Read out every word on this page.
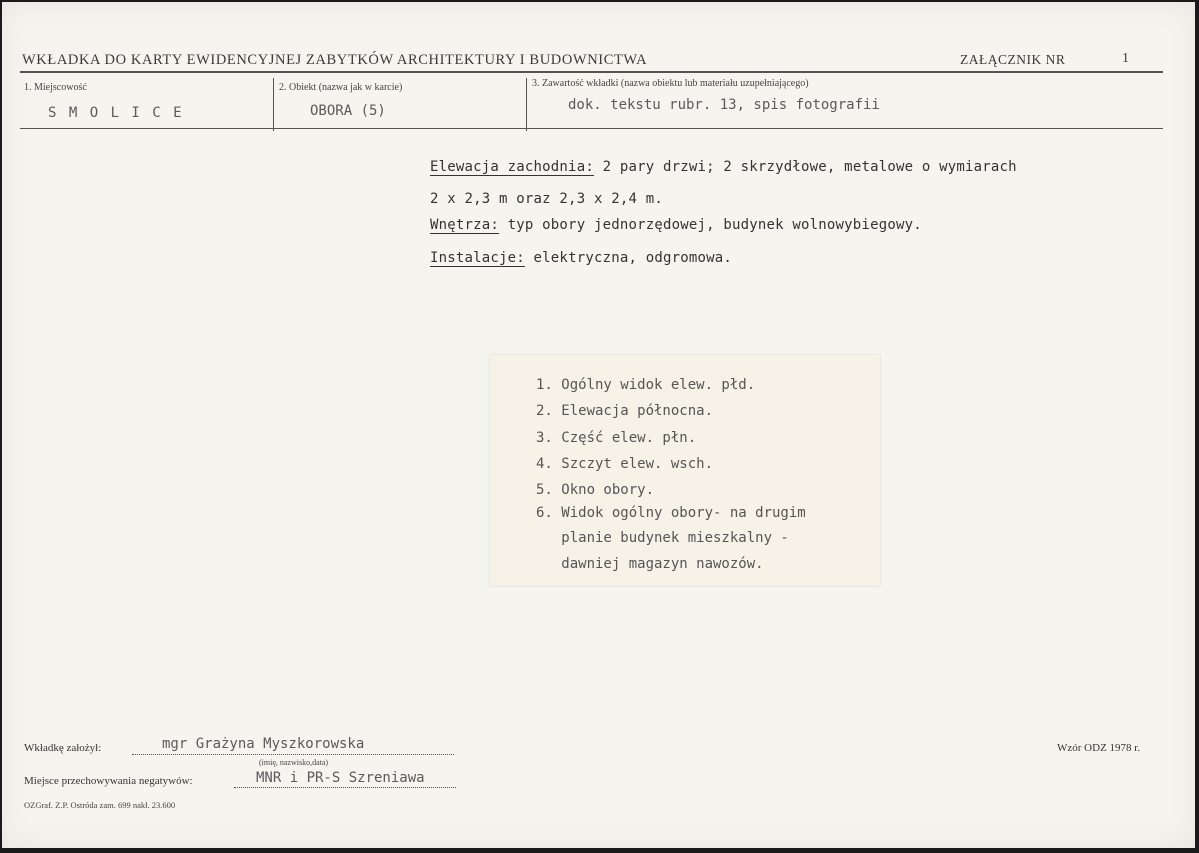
WKŁADKA DO KARTY EWIDENCYJNEJ ZABYTKÓW ARCHITEKTURY I BUDOWNICTWA	ZAŁĄCZNIK NR	1
1. Miejscowość
S M O L I C E
2. Obiekt (nazwa jak w karcie)
OBORA (5)
3. Zawartość wkładki (nazwa obiektu lub materiału uzupełniającego)
dok. tekstu rubr. 13, spis fotografii
Elewacja zachodnia: 2 pary drzwi; 2 skrzydłowe, metalowe o wymiarach
2 x 2,3 m oraz 2,3 x 2,4 m.
Wnętrza: typ obory jednorzędowej, budynek wolnowybiegowy.
Instalacje: elektryczna, odgromowa.
1. Ogólny widok elew. płd.
2. Elewacja północna.
3. Część elew. płn.
4. Szczyt elew. wsch.
5. Okno obory.
6. Widok ogólny obory- na drugim
planie budynek mieszkalny -
dawniej magazyn nawozów.
Wkładkę założył:	mgr Grażyna Myszkorowska
(imię, nazwisko,data)
Miejsce przechowywania negatywów:	MNR i PR-S Szreniawa
Wzór ODZ 1978 r.
OZGraf. Z.P. Ostróda zam. 699 nakł. 23.600
